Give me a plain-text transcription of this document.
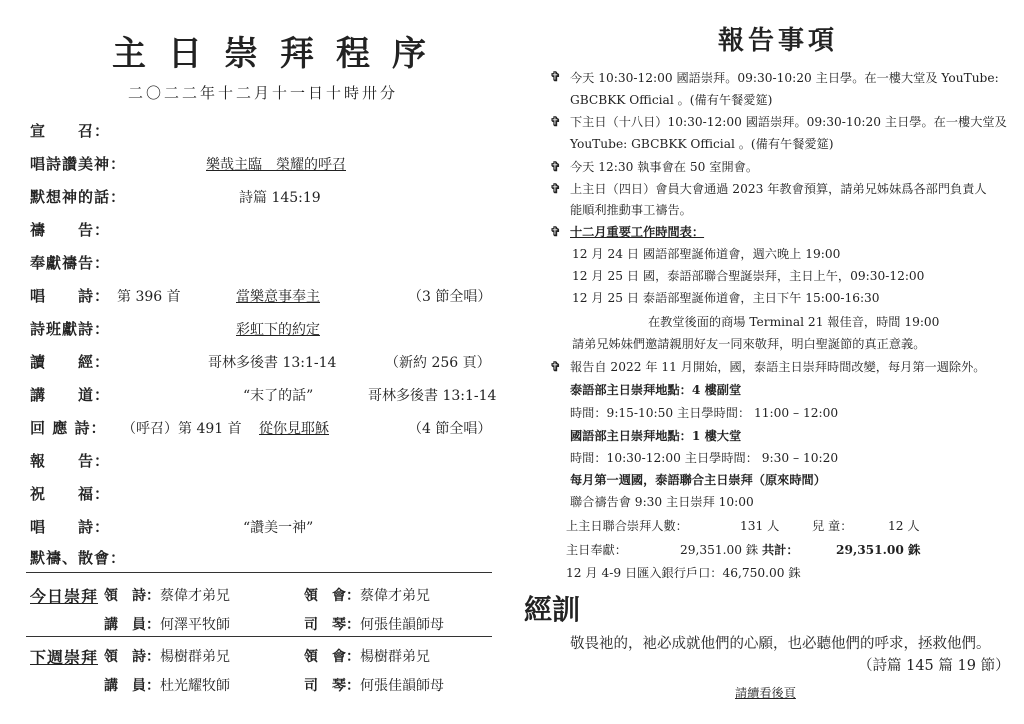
主日崇拜程序
二〇二二年十二月十一日十時卅分
宣　　召：
唱詩讚美神：	樂哉主臨　榮耀的呼召
默想神的話：	詩篇 145:19
禱　　告：
奉獻禱告：
唱　　詩： 第 396 首	當樂意事奉主	（3 節全唱）
詩班獻詩：	彩虹下的約定
讀　　經：	哥林多後書 13:1-14	（新約 256 頁）
講　　道：	“末了的話”	哥林多後書 13:1-14
回 應 詩： （呼召）第 491 首 從你見耶穌	（4 節全唱）
報　　告：
祝　　福：
唱　　詩：	“讚美一神”
默禱、散會：
今日崇拜 領　詩：蔡偉才弟兄	領　會：蔡偉才弟兄
講　員：何澤平牧師	司　琴：何張佳韻師母
下週崇拜 領　詩：楊樹群弟兄	領　會：楊樹群弟兄
講　員：杜光耀牧師	司　琴：何張佳韻師母
報告事項
✞ 今天 10:30-12:00 國語崇拜。09:30-10:20 主日學。在一樓大堂及 YouTube:
GBCBKK Official 。(備有午餐愛筵)
✞ 下主日（十八日）10:30-12:00 國語崇拜。09:30-10:20 主日學。在一樓大堂及
YouTube: GBCBKK Official 。(備有午餐愛筵)
✞ 今天 12:30 執事會在 50 室開會。
✞ 上主日（四日）會員大會通過 2023 年教會預算，請弟兄姊妹爲各部門負責人
能順利推動事工禱告。
✞ 十二月重要工作時間表：
12 月 24 日 國語部聖誕佈道會，週六晚上 19:00
12 月 25 日 國，泰語部聯合聖誕崇拜，主日上午，09:30-12:00
12 月 25 日 泰語部聖誕佈道會，主日下午 15:00-16:30
在教堂後面的商場 Terminal 21 報佳音，時間 19:00
請弟兄姊妹們邀請親朋好友一同來敬拜，明白聖誕節的真正意義。
✞ 報告自 2022 年 11 月開始，國，泰語主日崇拜時間改變，每月第一週除外。
泰語部主日崇拜地點：4 樓副堂
時間：9:15-10:50 主日學時間： 11:00 – 12:00
國語部主日崇拜地點：1 樓大堂
時間：10:30-12:00 主日學時間： 9:30 – 10:20
每月第一週國，泰語聯合主日崇拜（原來時間）
聯合禱告會 9:30 主日崇拜 10:00
上主日聯合崇拜人數：	131 人	兒 童：	12 人
主日奉獻：	29,351.00 銖 共計：	29,351.00 銖
12 月 4-9 日匯入銀行戶口：46,750.00 銖
經訓
敬畏祂的，祂必成就他們的心願，也必聽他們的呼求，拯救他們。
（詩篇 145 篇 19 節）
請續看後頁
